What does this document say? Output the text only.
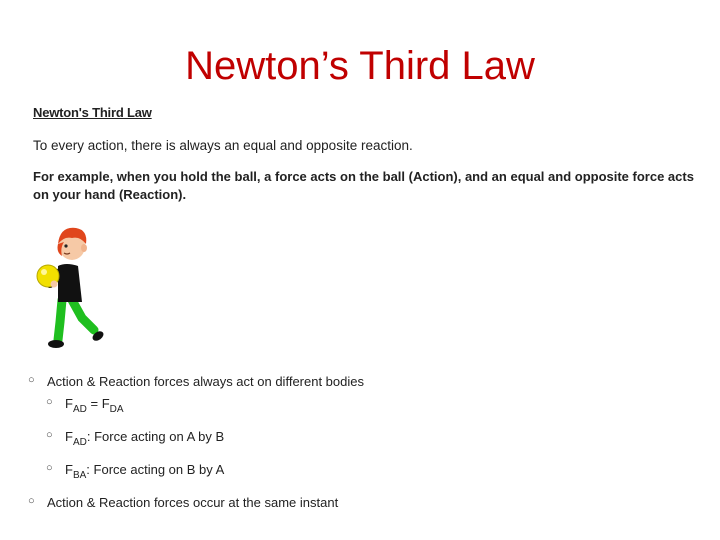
Newton’s Third Law
Newton's Third Law
To every action, there is always an equal and opposite reaction.
For example, when you hold the ball, a force acts on the ball (Action), and an equal and opposite force acts on your hand (Reaction).
○ Action & Reaction forces always act on different bodies
○ $F_{AD} = F_{DA}$
○ $F_{AD}$: Force acting on A by B
○ $F_{BA}$: Force acting on B by A
○ Action & Reaction forces occur at the same instant
